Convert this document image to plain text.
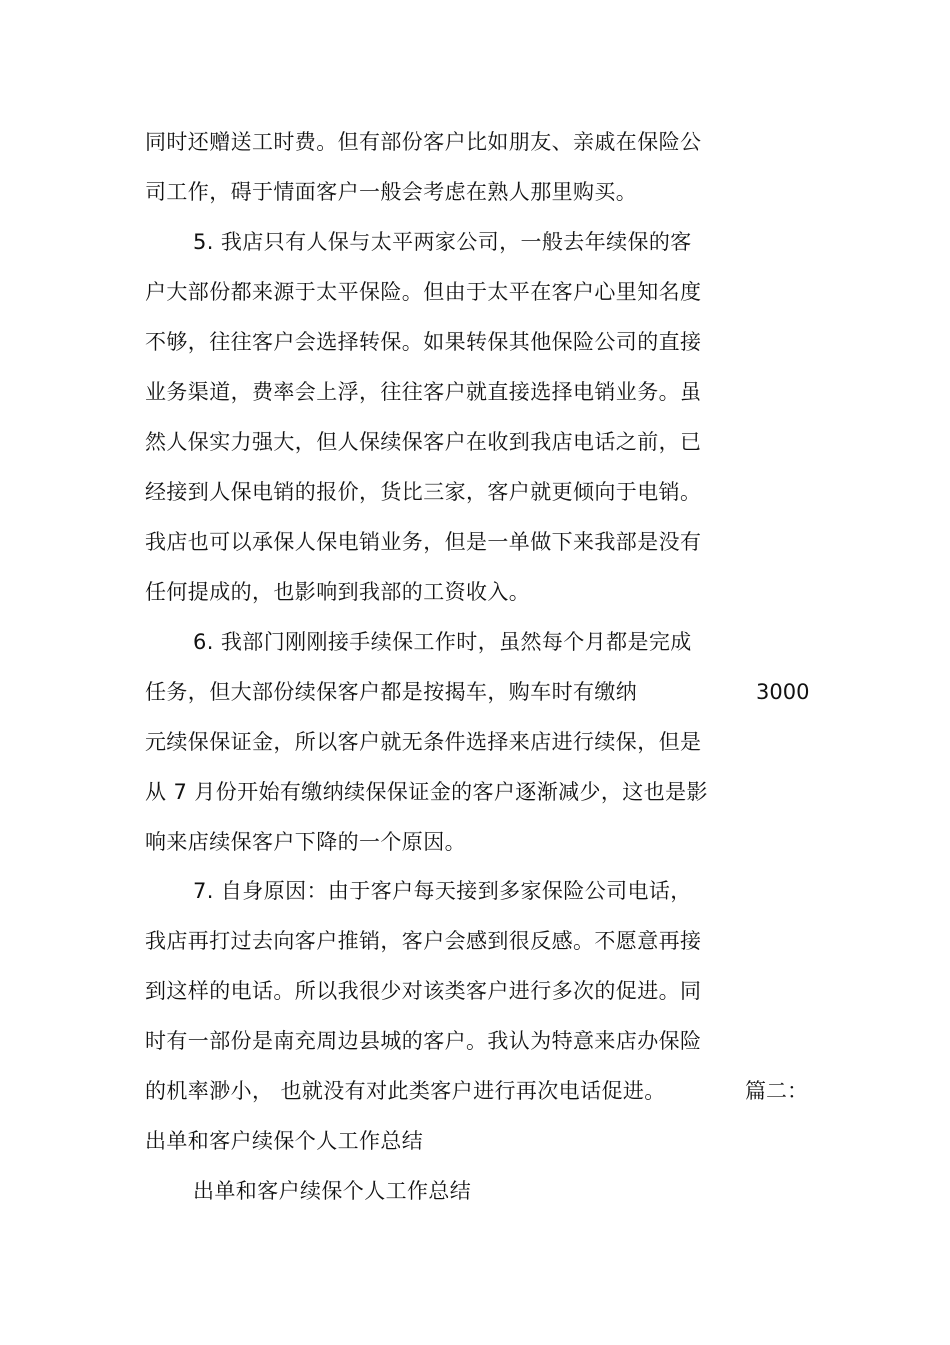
同时还赠送工时费。但有部份客户比如朋友、亲戚在保险公
司工作，碍于情面客户一般会考虑在熟人那里购买。
5. 我店只有人保与太平两家公司，一般去年续保的客
户大部份都来源于太平保险。但由于太平在客户心里知名度
不够，往往客户会选择转保。如果转保其他保险公司的直接
业务渠道，费率会上浮，往往客户就直接选择电销业务。虽
然人保实力强大，但人保续保客户在收到我店电话之前，已
经接到人保电销的报价，货比三家，客户就更倾向于电销。
我店也可以承保人保电销业务，但是一单做下来我部是没有
任何提成的，也影响到我部的工资收入。
6. 我部门刚刚接手续保工作时，虽然每个月都是完成
任务，但大部份续保客户都是按揭车，购车时有缴纳	3000
元续保保证金，所以客户就无条件选择来店进行续保，但是
从 7 月份开始有缴纳续保保证金的客户逐渐减少，这也是影
响来店续保客户下降的一个原因。
7. 自身原因：由于客户每天接到多家保险公司电话，
我店再打过去向客户推销，客户会感到很反感。不愿意再接
到这样的电话。所以我很少对该类客户进行多次的促进。同
时有一部份是南充周边县城的客户。我认为特意来店办保险
的机率渺小， 也就没有对此类客户进行再次电话促进。	篇二：
出单和客户续保个人工作总结
出单和客户续保个人工作总结
